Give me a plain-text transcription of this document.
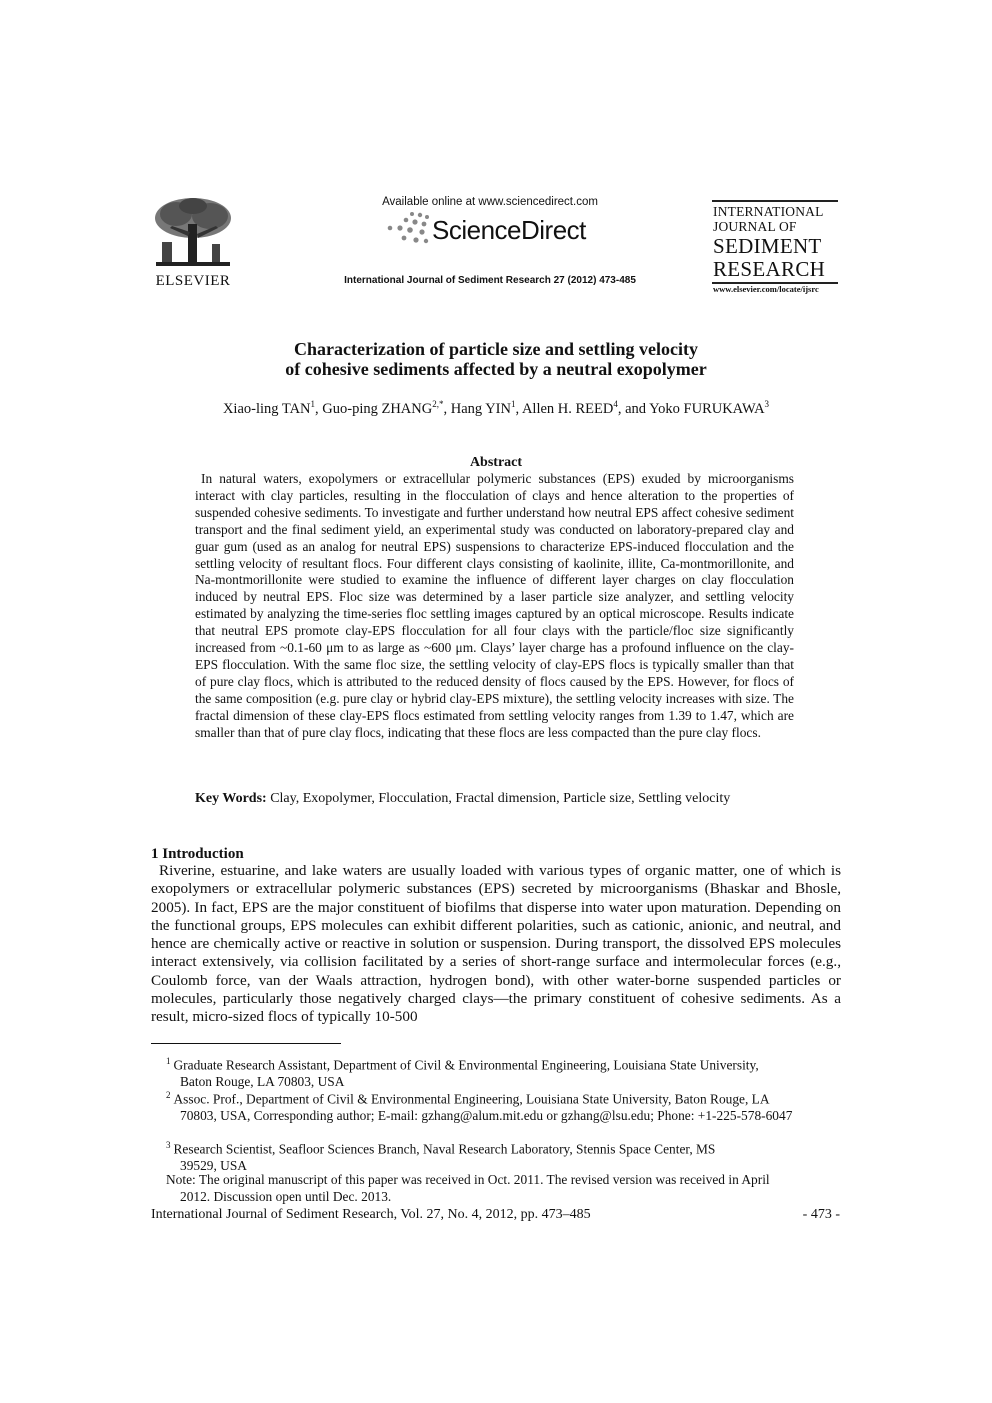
ELSEVIER
Available online at www.sciencedirect.com
ScienceDirect
International Journal of Sediment Research 27 (2012) 473-485
INTERNATIONAL
JOURNAL OF
SEDIMENT
RESEARCH
www.elsevier.com/locate/ijsrc
Characterization of particle size and settling velocity
of cohesive sediments affected by a neutral exopolymer
Xiao-ling TAN$^1$, Guo-ping $ZHANG^{2,*}$, Hang YIN$^1$, Allen H. REED$^4$, and Yoko FURUKAWA$^3$
Abstract
In natural waters, exopolymers or extracellular polymeric substances (EPS) exuded by microorganisms interact with clay particles, resulting in the flocculation of clays and hence alteration to the properties of suspended cohesive sediments. To investigate and further understand how neutral EPS affect cohesive sediment transport and the final sediment yield, an experimental study was conducted on laboratory-prepared clay and guar gum (used as an analog for neutral EPS) suspensions to characterize EPS-induced flocculation and the settling velocity of resultant flocs. Four different clays consisting of kaolinite, illite, Ca-montmorillonite, and Na-montmorillonite were studied to examine the influence of different layer charges on clay flocculation induced by neutral EPS. Floc size was determined by a laser particle size analyzer, and settling velocity estimated by analyzing the time-series floc settling images captured by an optical microscope. Results indicate that neutral EPS promote clay-EPS flocculation for all four clays with the particle/floc size significantly increased from ~0.1-60 μm to as large as ~600 μm. Clays’ layer charge has a profound influence on the clay-EPS flocculation. With the same floc size, the settling velocity of clay-EPS flocs is typically smaller than that of pure clay flocs, which is attributed to the reduced density of flocs caused by the EPS. However, for flocs of the same composition (e.g. pure clay or hybrid clay-EPS mixture), the settling velocity increases with size. The fractal dimension of these clay-EPS flocs estimated from settling velocity ranges from 1.39 to 1.47, which are smaller than that of pure clay flocs, indicating that these flocs are less compacted than the pure clay flocs.
Key Words: Clay, Exopolymer, Flocculation, Fractal dimension, Particle size, Settling velocity
1 Introduction
Riverine, estuarine, and lake waters are usually loaded with various types of organic matter, one of which is exopolymers or extracellular polymeric substances (EPS) secreted by microorganisms (Bhaskar and Bhosle, 2005). In fact, EPS are the major constituent of biofilms that disperse into water upon maturation. Depending on the functional groups, EPS molecules can exhibit different polarities, such as cationic, anionic, and neutral, and hence are chemically active or reactive in solution or suspension. During transport, the dissolved EPS molecules interact extensively, via collision facilitated by a series of short-range surface and intermolecular forces (e.g., Coulomb force, van der Waals attraction, hydrogen bond), with other water-borne suspended particles or molecules, particularly those negatively charged clays—the primary constituent of cohesive sediments. As a result, micro-sized flocs of typically 10-500
$^1$ Graduate Research Assistant, Department of Civil & Environmental Engineering, Louisiana State University,
Baton Rouge, LA 70803, USA
$^2$ Assoc. Prof., Department of Civil & Environmental Engineering, Louisiana State University, Baton Rouge, LA
70803, USA, Corresponding author; E-mail: gzhang@alum.mit.edu or gzhang@lsu.edu; Phone: +1-225-578-6047
$^3$ Research Scientist, Seafloor Sciences Branch, Naval Research Laboratory, Stennis Space Center, MS
39529, USA
Note: The original manuscript of this paper was received in Oct. 2011. The revised version was received in April
2012. Discussion open until Dec. 2013.
International Journal of Sediment Research, Vol. 27, No. 4, 2012, pp. 473–485	- 473 -
